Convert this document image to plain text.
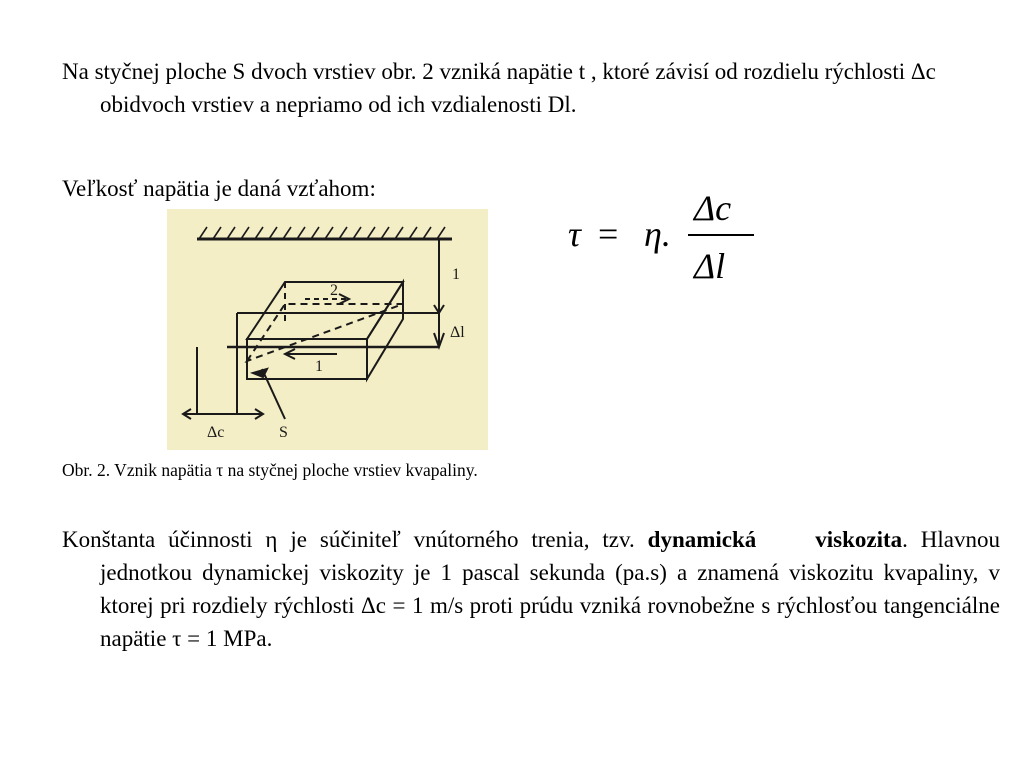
Na styčnej ploche S dvoch vrstiev obr. 2 vzniká napätie t , ktoré závisí od rozdielu rýchlosti Δc obidvoch vrstiev a nepriamo od ich vzdialenosti Dl.
Veľkosť napätia je daná vzťahom:
1
Δl
2
1
Δc	S
τ = η.
Δc
Δl
Obr. 2. Vznik napätia τ na styčnej ploche vrstiev kvapaliny.
Konštanta účinnosti η je súčiniteľ vnútorného trenia, tzv. dynamická	viskozita. Hlavnou jednotkou dynamickej viskozity je 1 pascal sekunda (pa.s) a znamená viskozitu kvapaliny, v ktorej pri rozdiely rýchlosti Δc = 1 m/s proti prúdu vzniká rovnobežne s rýchlosťou tangenciálne napätie τ = 1 MPa.
